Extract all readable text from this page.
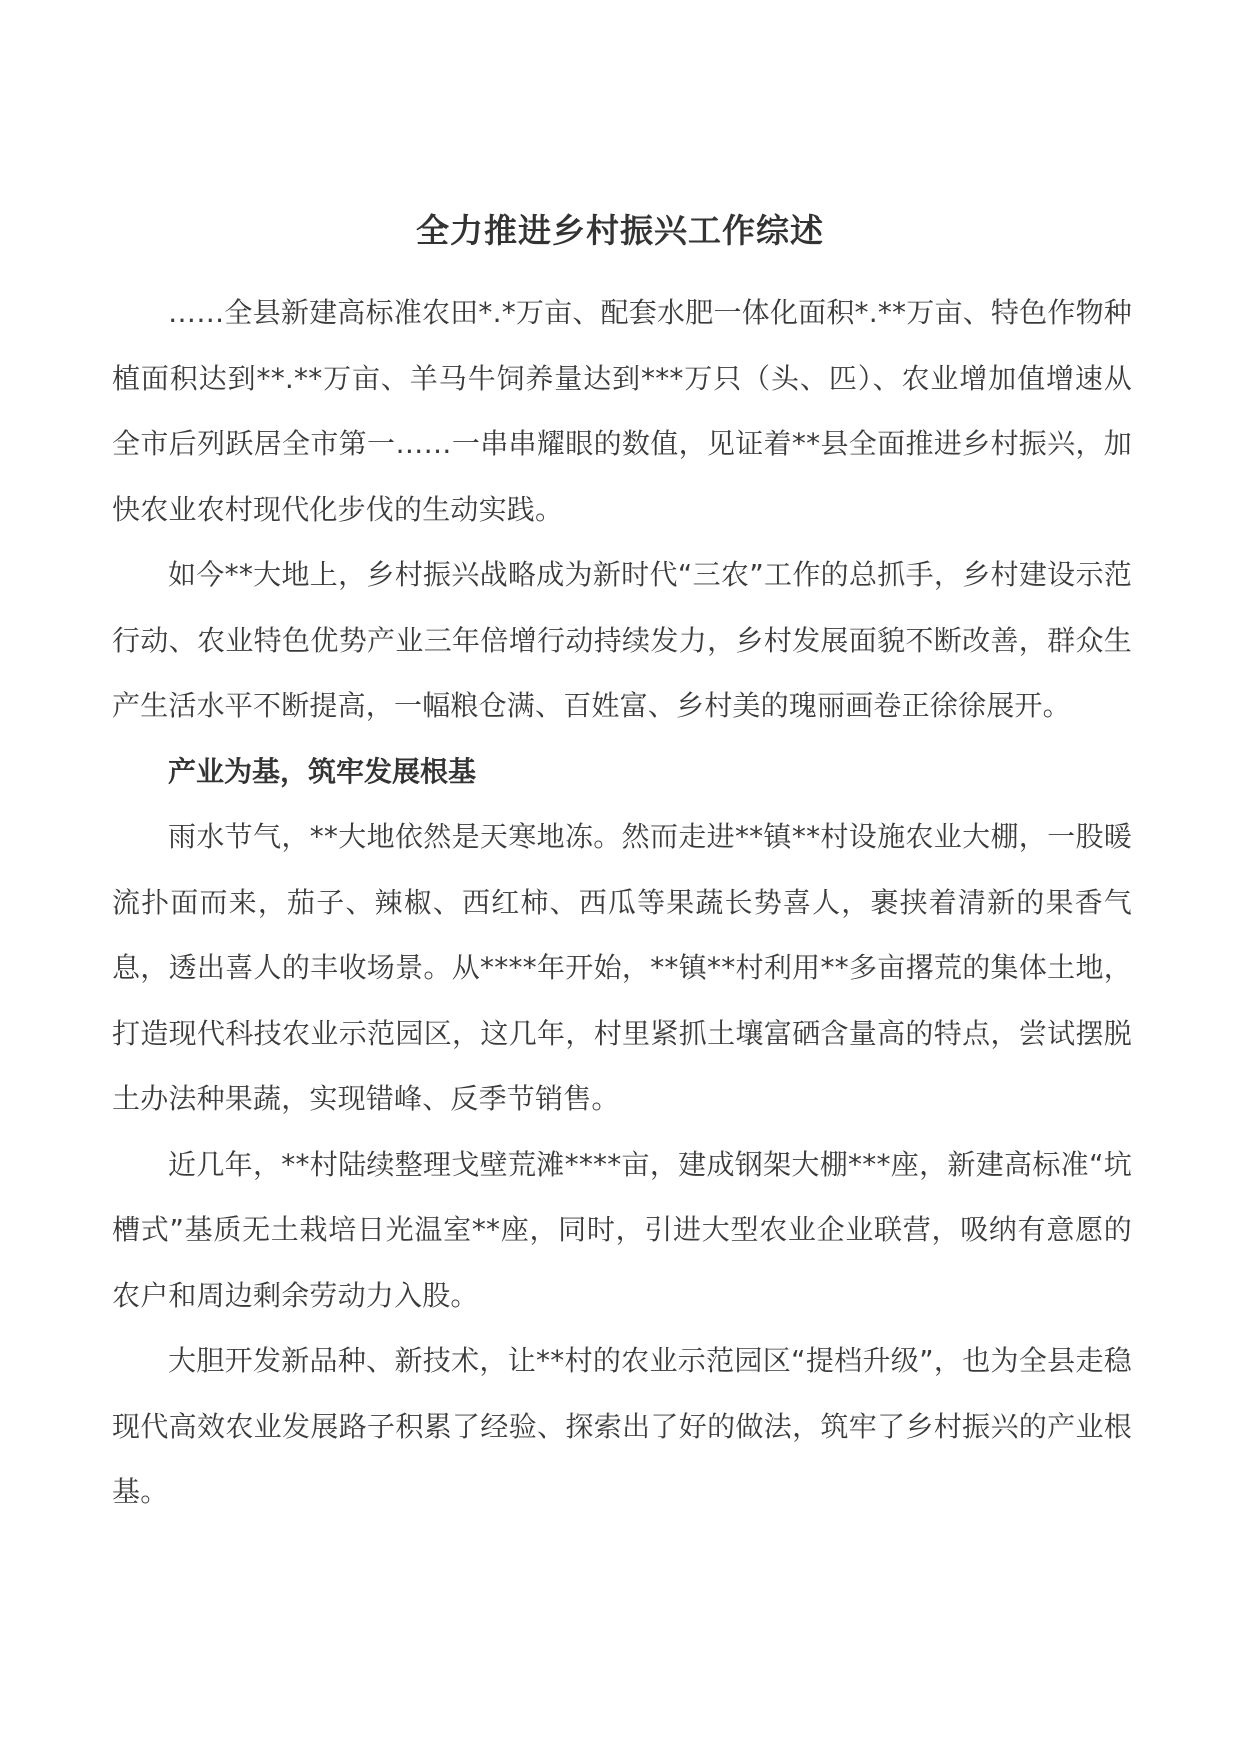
全力推进乡村振兴工作综述

……全县新建高标准农田*.*万亩、配套水肥一体化面积*.**万亩、特色作物种植面积达到**.**万亩、羊马牛饲养量达到***万只（头、匹）、农业增加值增速从全市后列跃居全市第一……一串串耀眼的数值，见证着**县全面推进乡村振兴，加快农业农村现代化步伐的生动实践。

如今**大地上，乡村振兴战略成为新时代“三农”工作的总抓手，乡村建设示范行动、农业特色优势产业三年倍增行动持续发力，乡村发展面貌不断改善，群众生产生活水平不断提高，一幅粮仓满、百姓富、乡村美的瑰丽画卷正徐徐展开。

产业为基，筑牢发展根基

雨水节气，**大地依然是天寒地冻。然而走进**镇**村设施农业大棚，一股暖流扑面而来，茄子、辣椒、西红柿、西瓜等果蔬长势喜人，裹挟着清新的果香气息，透出喜人的丰收场景。从****年开始，**镇**村利用**多亩撂荒的集体土地，打造现代科技农业示范园区，这几年，村里紧抓土壤富硒含量高的特点，尝试摆脱土办法种果蔬，实现错峰、反季节销售。

近几年，**村陆续整理戈壁荒滩****亩，建成钢架大棚***座，新建高标准“坑槽式”基质无土栽培日光温室**座，同时，引进大型农业企业联营，吸纳有意愿的农户和周边剩余劳动力入股。

大胆开发新品种、新技术，让**村的农业示范园区“提档升级”，也为全县走稳现代高效农业发展路子积累了经验、探索出了好的做法，筑牢了乡村振兴的产业根基。
